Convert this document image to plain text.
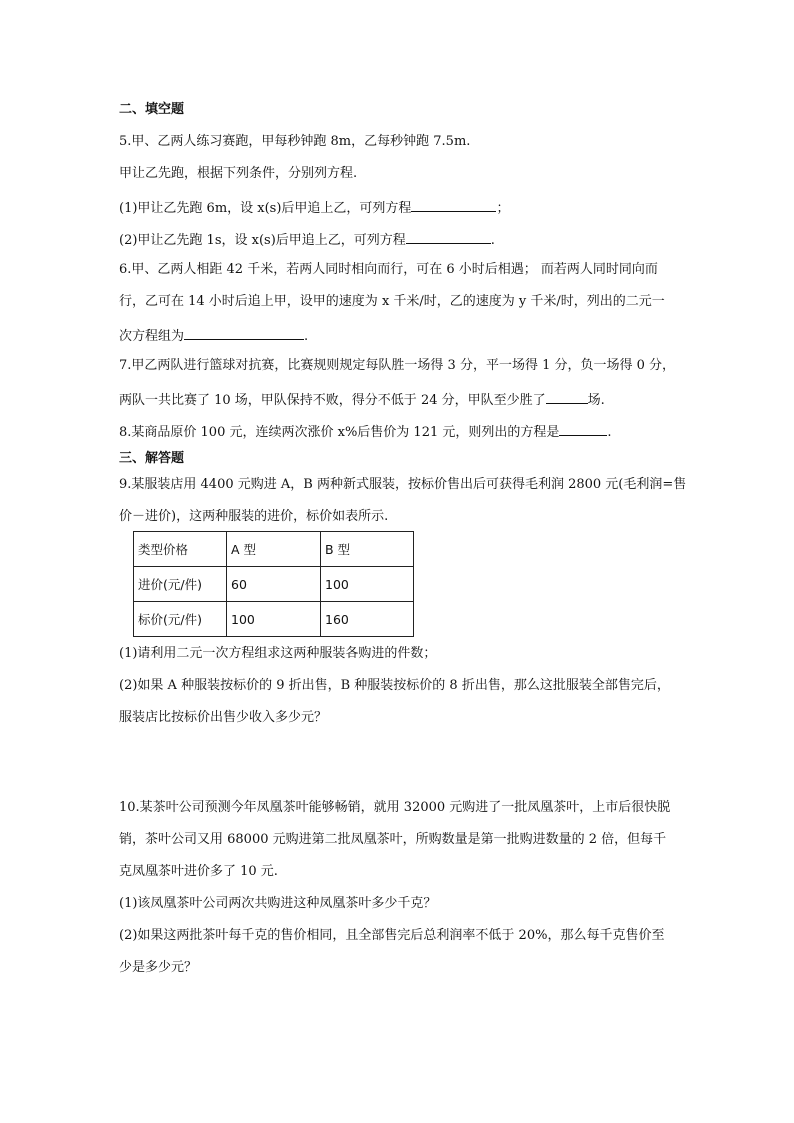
二、填空题
5.甲、乙两人练习赛跑，甲每秒钟跑 8m，乙每秒钟跑 7.5m.
甲让乙先跑，根据下列条件，分别列方程.
(1)甲让乙先跑 6m，设 x(s)后甲追上乙，可列方程	；
(2)甲让乙先跑 1s，设 x(s)后甲追上乙，可列方程	.
6.甲、乙两人相距 42 千米，若两人同时相向而行，可在 6 小时后相遇； 而若两人同时同向而
行，乙可在 14 小时后追上甲，设甲的速度为 x 千米/时，乙的速度为 y 千米/时，列出的二元一
次方程组为	.
7.甲乙两队进行篮球对抗赛，比赛规则规定每队胜一场得 3 分，平一场得 1 分，负一场得 0 分，
两队一共比赛了 10 场，甲队保持不败，得分不低于 24 分，甲队至少胜了	场.
8.某商品原价 100 元，连续两次涨价 x%后售价为 121 元，则列出的方程是	.
三、解答题
9.某服装店用 4400 元购进 A，B 两种新式服装，按标价售出后可获得毛利润 2800 元(毛利润=售
价－进价)，这两种服装的进价，标价如表所示.
类型价格	A 型	B 型
进价(元/件)	60	100
标价(元/件)	100	160
(1)请利用二元一次方程组求这两种服装各购进的件数；
(2)如果 A 种服装按标价的 9 折出售，B 种服装按标价的 8 折出售，那么这批服装全部售完后，
服装店比按标价出售少收入多少元？
10.某茶叶公司预测今年凤凰茶叶能够畅销，就用 32000 元购进了一批凤凰茶叶，上市后很快脱
销，茶叶公司又用 68000 元购进第二批凤凰茶叶，所购数量是第一批购进数量的 2 倍，但每千
克凤凰茶叶进价多了 10 元.
(1)该凤凰茶叶公司两次共购进这种凤凰茶叶多少千克？
(2)如果这两批茶叶每千克的售价相同，且全部售完后总利润率不低于 20%，那么每千克售价至
少是多少元？
